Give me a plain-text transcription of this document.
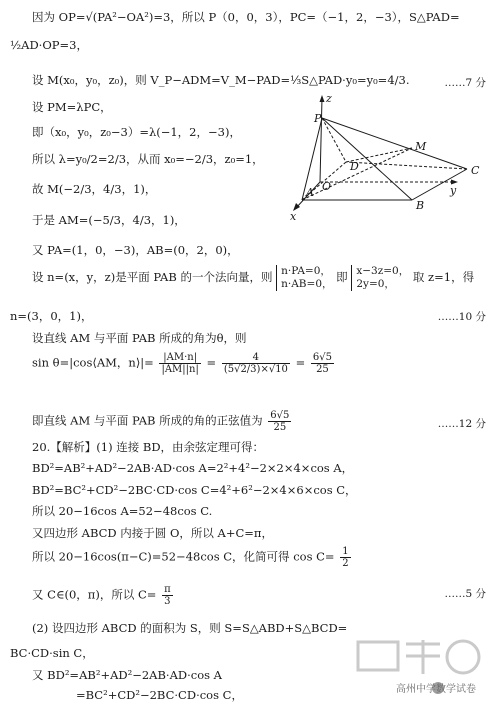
因为 OP=√(PA²−OA²)=3，所以 P（0，0，3），PC=（−1，2，−3），S△PAD=
½AD·OP=3，
设 M(x₀，y₀，z₀)，则 V_P−ADM=V_M−PAD=⅓S△PAD·y₀=y₀=4/3.	……7 分
设 PM=λPC，
即（x₀，y₀，z₀−3）=λ(−1，2，−3)，
所以 λ=y₀/2=2/3，从而 x₀=−2/3，z₀=1，
故 M(−2/3，4/3，1)，
于是 AM=(−5/3，4/3，1)，
又 PA=(1，0，−3)，AB=(0，2，0)，
设 n=(x，y，z)是平面 PAB 的一个法向量，则 n·PA=0，
n·AB=0， 即 x−3z=0，
2y=0，	取 z=1，得
n=(3，0，1)，	……10 分
设直线 AM 与平面 PAB 所成的角为θ，则
sin θ=|cos⟨AM，n⟩|= $\frac{|AM\cdot n|}{|AM||n|} = \frac{4}{(5√2/3)\times√10} = \frac{6√5}{25}$
即直线 AM 与平面 PAB 所成的角的正弦值为 $\frac{6√5}{25}$	……12 分
20.【解析】(1) 连接 BD，由余弦定理可得：
BD²=AB²+AD²−2AB·AD·cos A=2²+4²−2×2×4×cos A，
BD²=BC²+CD²−2BC·CD·cos C=4²+6²−2×4×6×cos C，
所以 20−16cos A=52−48cos C.
又四边形 ABCD 内接于圆 O，所以 A+C=π，
所以 20−16cos(π−C)=52−48cos C，化简可得 $\cos C= \frac{1}{2}$
又 C∈(0，π)，所以 $C= \frac{\pi}{3}$	……5 分
(2) 设四边形 ABCD 的面积为 S，则 S=S△ABD+S△BCD=
BC·CD·sin C，
又 BD²=AB²+AD²−2AB·AD·cos A
=BC²+CD²−2BC·CD·cos C，
z
P
M
D	C
O
A
B
y
x
高州中学数学试卷
